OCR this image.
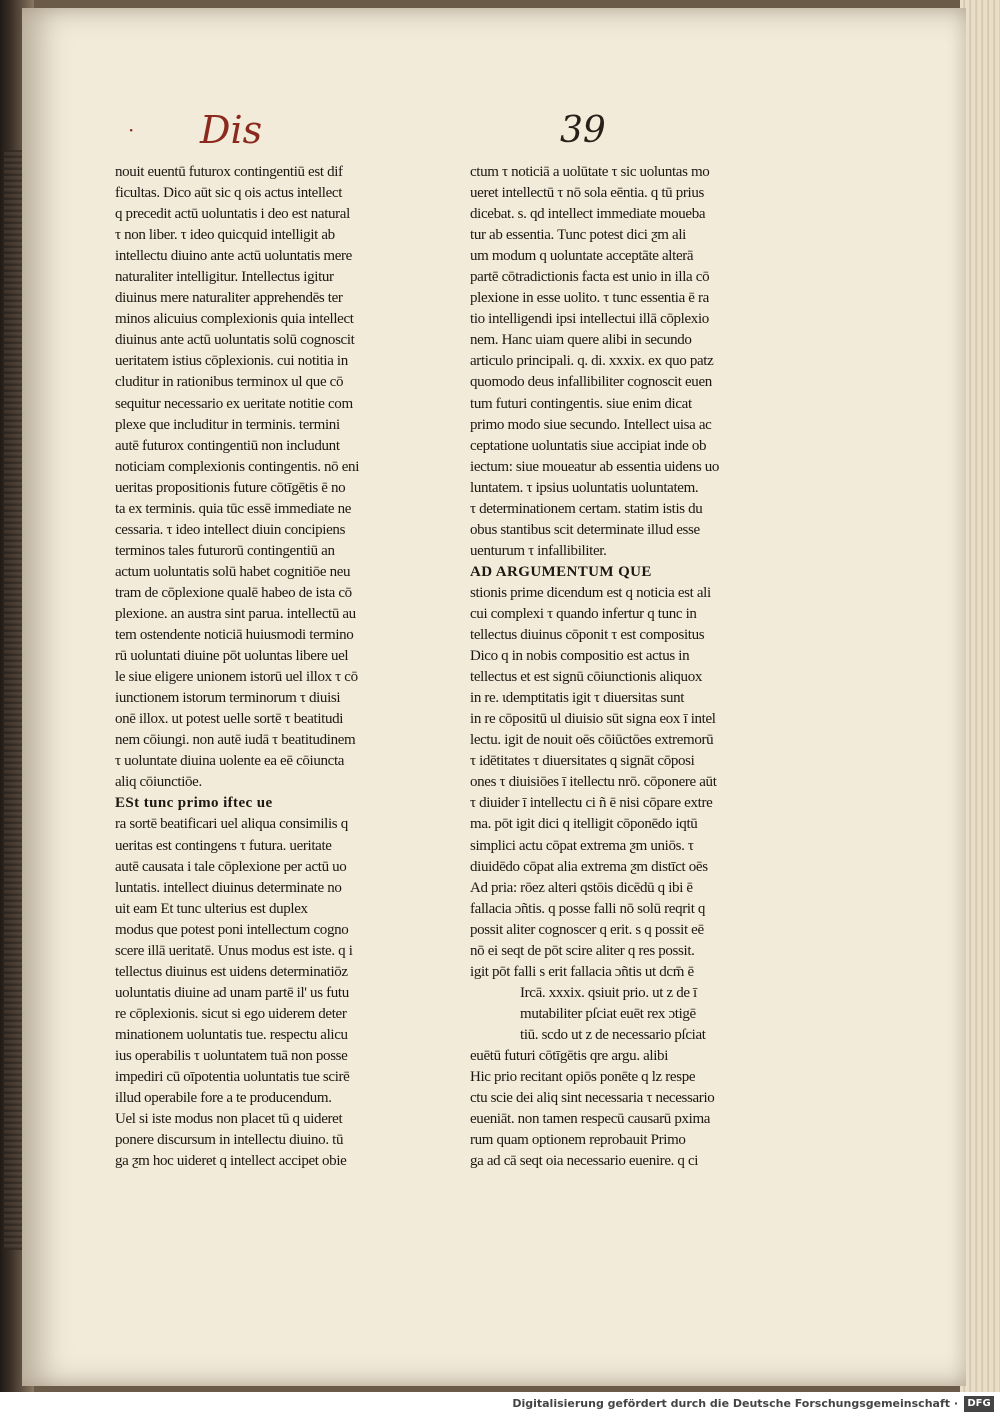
· Dis	39
nouit euentū futurox contingentiū est dif
ficultas. Dico aūt sic q ois actus intellect
q precedit actū uoluntatis i deo est natural
τ non liber. τ ideo quicquid intelligit ab
intellectu diuino ante actū uoluntatis mere
naturaliter intelligitur. Intellectus igitur
diuinus mere naturaliter apprehendēs ter
minos alicuius complexionis quia intellect
diuinus ante actū uoluntatis solū cognoscit
ueritatem istius cōplexionis. cui notitia in
cluditur in rationibus terminox ul que cō
sequitur necessario ex ueritate notitie com
plexe que includitur in terminis. termini
autē futurox contingentiū non includunt
noticiam complexionis contingentis. nō eni
ueritas propositionis future cōtīgētis ē no
ta ex terminis. quia tūc essē immediate ne
cessaria. τ ideo intellect diuin concipiens
terminos tales futurorū contingentiū an
actum uoluntatis solū habet cognitiōe neu
tram de cōplexione qualē habeo de ista cō
plexione. an austra sint parua. intellectū au
tem ostendente noticiā huiusmodi termino
rū uoluntati diuine pōt uoluntas libere uel
le siue eligere unionem istorū uel illox τ cō
iunctionem istorum terminorum τ diuisi
onē illox. ut potest uelle sortē τ beatitudi
nem cōiungi. non autē iudā τ beatitudinem
τ uoluntate diuina uolente ea eē cōiuncta
aliq cōiunctiōe.
ESt tunc primo iftec ue
ra sortē beatificari uel aliqua consimilis q
ueritas est contingens τ futura. ueritate
autē causata i tale cōplexione per actū uo
luntatis. intellect diuinus determinate no
uit eam Et tunc ulterius est duplex
modus que potest poni intellectum cogno
scere illā ueritatē. Unus modus est iste. q i
tellectus diuinus est uidens determinatiōz
uoluntatis diuine ad unam partē il' us futu
re cōplexionis. sicut si ego uiderem deter
minationem uoluntatis tue. respectu alicu
ius operabilis τ uoluntatem tuā non posse
impediri cū oīpotentia uoluntatis tue scirē
illud operabile fore a te producendum.
Uel si iste modus non placet tū q uideret
ponere discursum in intellectu diuino. tū
ga ƺm hoc uideret q intellect accipet obie
ctum τ noticiā a uolūtate τ sic uoluntas mo
ueret intellectū τ nō sola eēntia. q tū prius
dicebat. s. qd intellect immediate moueba
tur ab essentia. Tunc potest dici ƺm ali
um modum q uoluntate acceptāte alterā
partē cōtradictionis facta est unio in illa cō
plexione in esse uolito. τ tunc essentia ē ra
tio intelligendi ipsi intellectui illā cōplexio
nem. Hanc uiam quere alibi in secundo
articulo principali. q. di. xxxix. ex quo patz
quomodo deus infallibiliter cognoscit euen
tum futuri contingentis. siue enim dicat
primo modo siue secundo. Intellect uisa ac
ceptatione uoluntatis siue accipiat inde ob
iectum: siue moueatur ab essentia uidens uo
luntatem. τ ipsius uoluntatis uoluntatem.
τ determinationem certam. statim istis du
obus stantibus scit determinate illud esse
uenturum τ infallibiliter.
AD ARGUMENTUM QUE
stionis prime dicendum est q noticia est ali
cui complexi τ quando infertur q tunc in
tellectus diuinus cōponit τ est compositus
Dico q in nobis compositio est actus in
tellectus et est signū cōiunctionis aliquox
in re. ιdemptitatis igit τ diuersitas sunt
in re cōpositū ul diuisio sūt signa eox ī intel
lectu. igit de nouit oēs cōiūctōes extremorū
τ idētitates τ diuersitates q signāt cōposi
ones τ diuisiōes ī itellectu nrō. cōponere aūt
τ diuider ī intellectu ci ñ ē nisi cōpare extre
ma. pōt igit dici q itelligit cōponēdo iqtū
simplici actu cōpat extrema ƺm uniōs. τ
diuidēdo cōpat alia extrema ƺm distīct oēs
Ad pria: rōez alteri qstōis dicēdū q ibi ē
fallacia ɔñtis. q posse falli nō solū reqrit q
possit aliter cognoscer q erit. s q possit eē
nō ei seqt de pōt scire aliter q res possit.
igit pōt falli s erit fallacia ɔñtis ut dcm̄ ē
Ircā. xxxix. qsiuit prio. ut z de ī
mutabiliter pſciat euēt rex ɔtigē
tiū. scdo ut z de necessario pſciat
euētū futuri cōtīgētis qre argu. alibi
Hic prio recitant opiōs ponēte q lz respe
ctu scie dei aliq sint necessaria τ necessario
eueniāt. non tamen respecū causarū pxima
rum quam optionem reprobauit Primo
ga ad cā seqt oia necessario euenire. q ci
Digitalisierung gefördert durch die Deutsche Forschungsgemeinschaft · DFG
